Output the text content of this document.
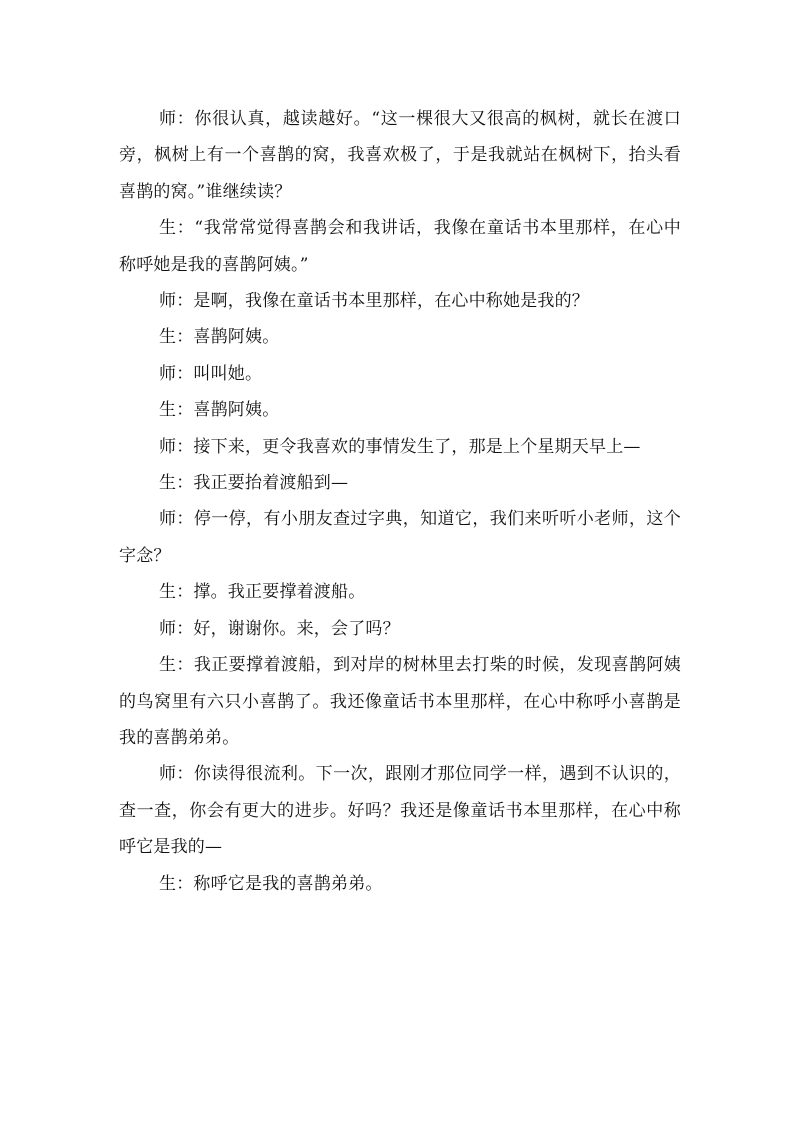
师：你很认真，越读越好。“这一棵很大又很高的枫树，就长在渡口旁，枫树上有一个喜鹊的窝，我喜欢极了，于是我就站在枫树下，抬头看喜鹊的窝。”谁继续读？

生：“我常常觉得喜鹊会和我讲话，我像在童话书本里那样，在心中称呼她是我的喜鹊阿姨。”

师：是啊，我像在童话书本里那样，在心中称她是我的？

生：喜鹊阿姨。

师：叫叫她。

生：喜鹊阿姨。

师：接下来，更令我喜欢的事情发生了，那是上个星期天早上—

生：我正要抬着渡船到—

师：停一停，有小朋友查过字典，知道它，我们来听听小老师，这个字念？

生：撑。我正要撑着渡船。

师：好，谢谢你。来，会了吗？

生：我正要撑着渡船，到对岸的树林里去打柴的时候，发现喜鹊阿姨的鸟窝里有六只小喜鹊了。我还像童话书本里那样，在心中称呼小喜鹊是我的喜鹊弟弟。

师：你读得很流利。下一次，跟刚才那位同学一样，遇到不认识的，查一查，你会有更大的进步。好吗？我还是像童话书本里那样，在心中称呼它是我的—

生：称呼它是我的喜鹊弟弟。
